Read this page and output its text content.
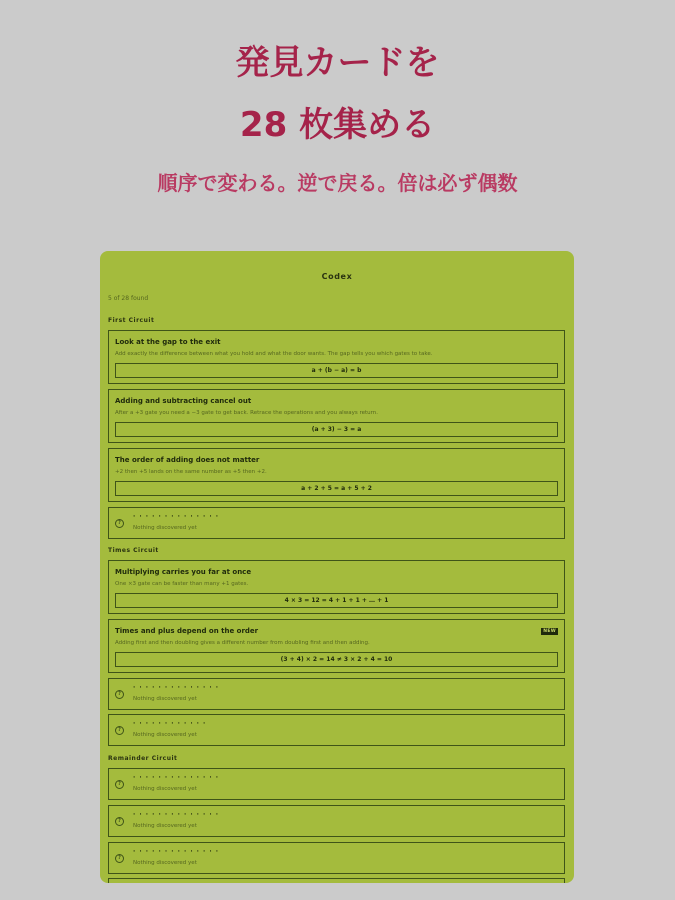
発見カードを
28 枚集める
順序で変わる。逆で戻る。倍は必ず偶数
Codex
5 of 28 found
First Circuit
Look at the gap to the exit
Add exactly the difference between what you hold and what the door wants. The gap tells you which gates to take.
a + (b − a) = b
Adding and subtracting cancel out
After a +3 gate you need a −3 gate to get back. Retrace the operations and you always return.
(a + 3) − 3 = a
The order of adding does not matter
+2 then +5 lands on the same number as +5 then +2.
a + 2 + 5 = a + 5 + 2
?
· · · · · · · · · · · · · ·
Nothing discovered yet
Times Circuit
Multiplying carries you far at once
One ×3 gate can be faster than many +1 gates.
4 × 3 = 12 = 4 + 1 + 1 + … + 1
Times and plus depend on the order	NEW
Adding first and then doubling gives a different number from doubling first and then adding.
(3 + 4) × 2 = 14 ≠ 3 × 2 + 4 = 10
?
· · · · · · · · · · · · · ·
Nothing discovered yet
?
· · · · · · · · · · · ·
Nothing discovered yet
Remainder Circuit
?
· · · · · · · · · · · · · ·
Nothing discovered yet
?
· · · · · · · · · · · · · ·
Nothing discovered yet
?
· · · · · · · · · · · · · ·
Nothing discovered yet
